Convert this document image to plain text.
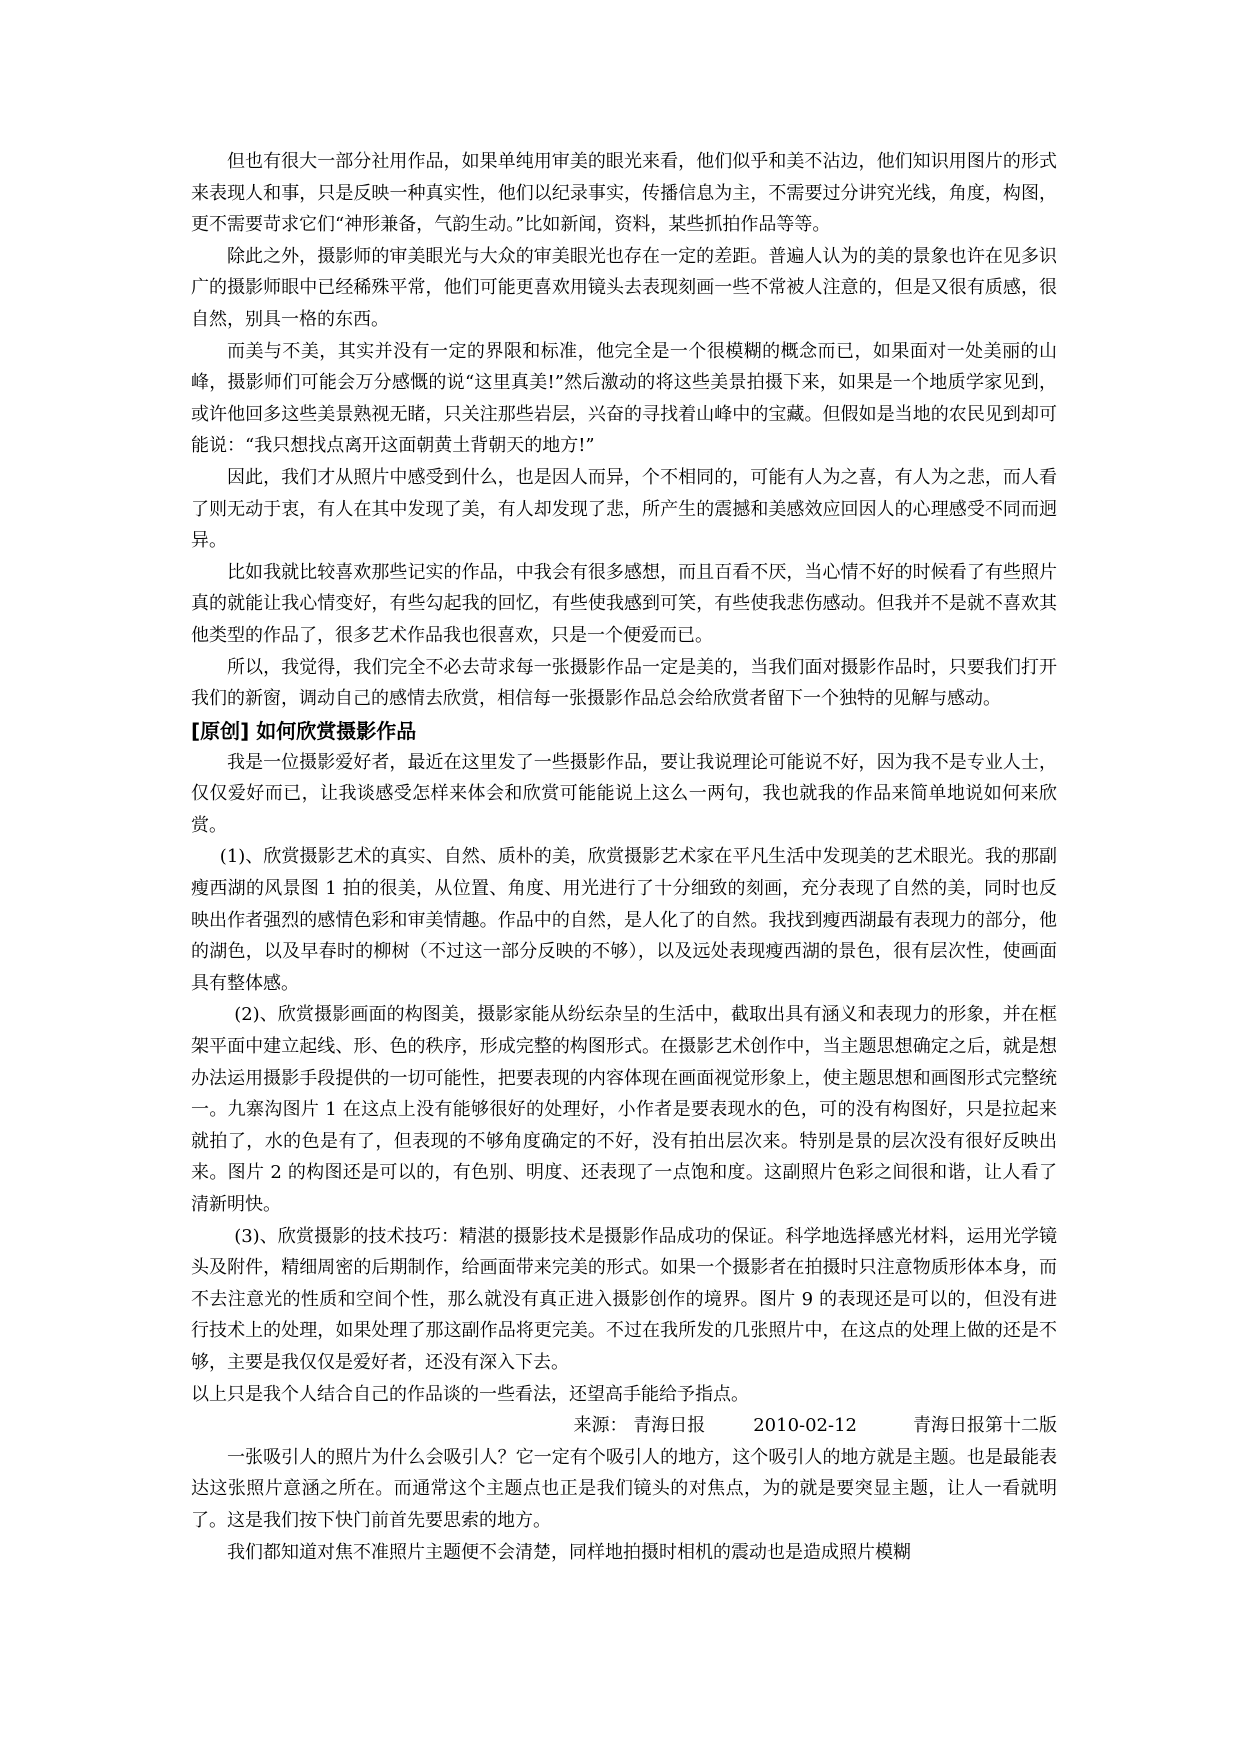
但也有很大一部分社用作品，如果单纯用审美的眼光来看，他们似乎和美不沾边，他们知识用图片的形式来表现人和事，只是反映一种真实性，他们以纪录事实，传播信息为主，不需要过分讲究光线，角度，构图，更不需要苛求它们“神形兼备，气韵生动。”比如新闻，资料，某些抓拍作品等等。

除此之外，摄影师的审美眼光与大众的审美眼光也存在一定的差距。普遍人认为的美的景象也许在见多识广的摄影师眼中已经稀殊平常，他们可能更喜欢用镜头去表现刻画一些不常被人注意的，但是又很有质感，很自然，别具一格的东西。

而美与不美，其实并没有一定的界限和标准，他完全是一个很模糊的概念而已，如果面对一处美丽的山峰，摄影师们可能会万分感慨的说“这里真美!”然后激动的将这些美景拍摄下来，如果是一个地质学家见到，或许他回多这些美景熟视无睹，只关注那些岩层，兴奋的寻找着山峰中的宝藏。但假如是当地的农民见到却可能说：“我只想找点离开这面朝黄土背朝天的地方!”

因此，我们才从照片中感受到什么，也是因人而异，个不相同的，可能有人为之喜，有人为之悲，而人看了则无动于衷，有人在其中发现了美，有人却发现了悲，所产生的震撼和美感效应回因人的心理感受不同而迥异。

比如我就比较喜欢那些记实的作品，中我会有很多感想，而且百看不厌，当心情不好的时候看了有些照片真的就能让我心情变好，有些勾起我的回忆，有些使我感到可笑，有些使我悲伤感动。但我并不是就不喜欢其他类型的作品了，很多艺术作品我也很喜欢，只是一个便爱而已。

所以，我觉得，我们完全不必去苛求每一张摄影作品一定是美的，当我们面对摄影作品时，只要我们打开我们的新窗，调动自己的感情去欣赏，相信每一张摄影作品总会给欣赏者留下一个独特的见解与感动。

[原创] 如何欣赏摄影作品

我是一位摄影爱好者，最近在这里发了一些摄影作品，要让我说理论可能说不好，因为我不是专业人士，仅仅爱好而已，让我谈感受怎样来体会和欣赏可能能说上这么一两句，我也就我的作品来简单地说如何来欣赏。

(1)、欣赏摄影艺术的真实、自然、质朴的美，欣赏摄影艺术家在平凡生活中发现美的艺术眼光。我的那副瘦西湖的风景图 1 拍的很美，从位置、角度、用光进行了十分细致的刻画，充分表现了自然的美，同时也反映出作者强烈的感情色彩和审美情趣。作品中的自然，是人化了的自然。我找到瘦西湖最有表现力的部分，他的湖色，以及早春时的柳树（不过这一部分反映的不够），以及远处表现瘦西湖的景色，很有层次性，使画面具有整体感。

(2)、欣赏摄影画面的构图美，摄影家能从纷纭杂呈的生活中，截取出具有涵义和表现力的形象，并在框架平面中建立起线、形、色的秩序，形成完整的构图形式。在摄影艺术创作中，当主题思想确定之后，就是想办法运用摄影手段提供的一切可能性，把要表现的内容体现在画面视觉形象上，使主题思想和画图形式完整统一。九寨沟图片 1 在这点上没有能够很好的处理好，小作者是要表现水的色，可的没有构图好，只是拉起来就拍了，水的色是有了，但表现的不够角度确定的不好，没有拍出层次来。特别是景的层次没有很好反映出来。图片 2 的构图还是可以的，有色别、明度、还表现了一点饱和度。这副照片色彩之间很和谐，让人看了清新明快。

(3)、欣赏摄影的技术技巧：精湛的摄影技术是摄影作品成功的保证。科学地选择感光材料，运用光学镜头及附件，精细周密的后期制作，给画面带来完美的形式。如果一个摄影者在拍摄时只注意物质形体本身，而不去注意光的性质和空间个性，那么就没有真正进入摄影创作的境界。图片 9 的表现还是可以的，但没有进行技术上的处理，如果处理了那这副作品将更完美。不过在我所发的几张照片中，在这点的处理上做的还是不够，主要是我仅仅是爱好者，还没有深入下去。

以上只是我个人结合自己的作品谈的一些看法，还望高手能给予指点。

来源： 青海日报	2010-02-12	青海日报第十二版

一张吸引人的照片为什么会吸引人？它一定有个吸引人的地方，这个吸引人的地方就是主题。也是最能表达这张照片意涵之所在。而通常这个主题点也正是我们镜头的对焦点，为的就是要突显主题，让人一看就明了。这是我们按下快门前首先要思索的地方。

我们都知道对焦不准照片主题便不会清楚，同样地拍摄时相机的震动也是造成照片模糊
